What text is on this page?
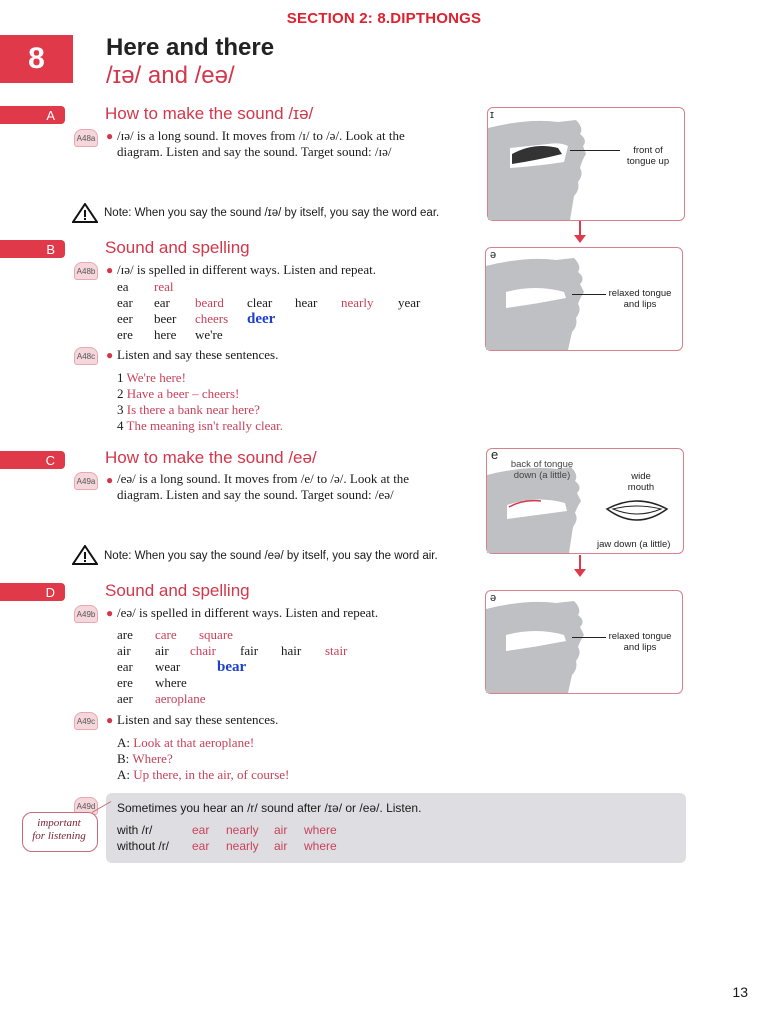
SECTION 2: 8.DIPTHONGS
8	Here and there
/ɪə/ and /eə/
A	How to make the sound /ɪə/
A48a ● /ɪə/ is a long sound. It moves from /ɪ/ to /ə/. Look at the
diagram. Listen and say the sound. Target sound: /ɪə/
Note: When you say the sound /ɪə/ by itself, you say the word ear.
ɪ
front of
tongue up
B	Sound and spelling
A48b ● /ɪə/ is spelled in different ways. Listen and repeat.
ea	real
ear	ear	beard	clear	hear	nearly	year
eer	beer	cheers	deer
ere	here	we're
A48c ● Listen and say these sentences.
1 We're here!
2 Have a beer – cheers!
3 Is there a bank near here?
4 The meaning isn't really clear.
ə
relaxed tongue
and lips
C	How to make the sound /eə/
A49a ● /eə/ is a long sound. It moves from /e/ to /ə/. Look at the
diagram. Listen and say the sound. Target sound: /eə/
Note: When you say the sound /eə/ by itself, you say the word air.
e
back of tongue
down (a little)	wide
mouth
jaw down (a little)
D	Sound and spelling
A49b ● /eə/ is spelled in different ways. Listen and repeat.
are	care	square
air	air	chair	fair	hair	stair
ear	wear	bear
ere	where
aer	aeroplane
A49c ● Listen and say these sentences.
A: Look at that aeroplane!
B: Where?
A: Up there, in the air, of course!
ə
relaxed tongue
and lips
A49d Sometimes you hear an /r/ sound after /ɪə/ or /eə/. Listen.
with /r/	ear	nearly	air	where
without /r/	ear	nearly	air	where
important
for listening
13
